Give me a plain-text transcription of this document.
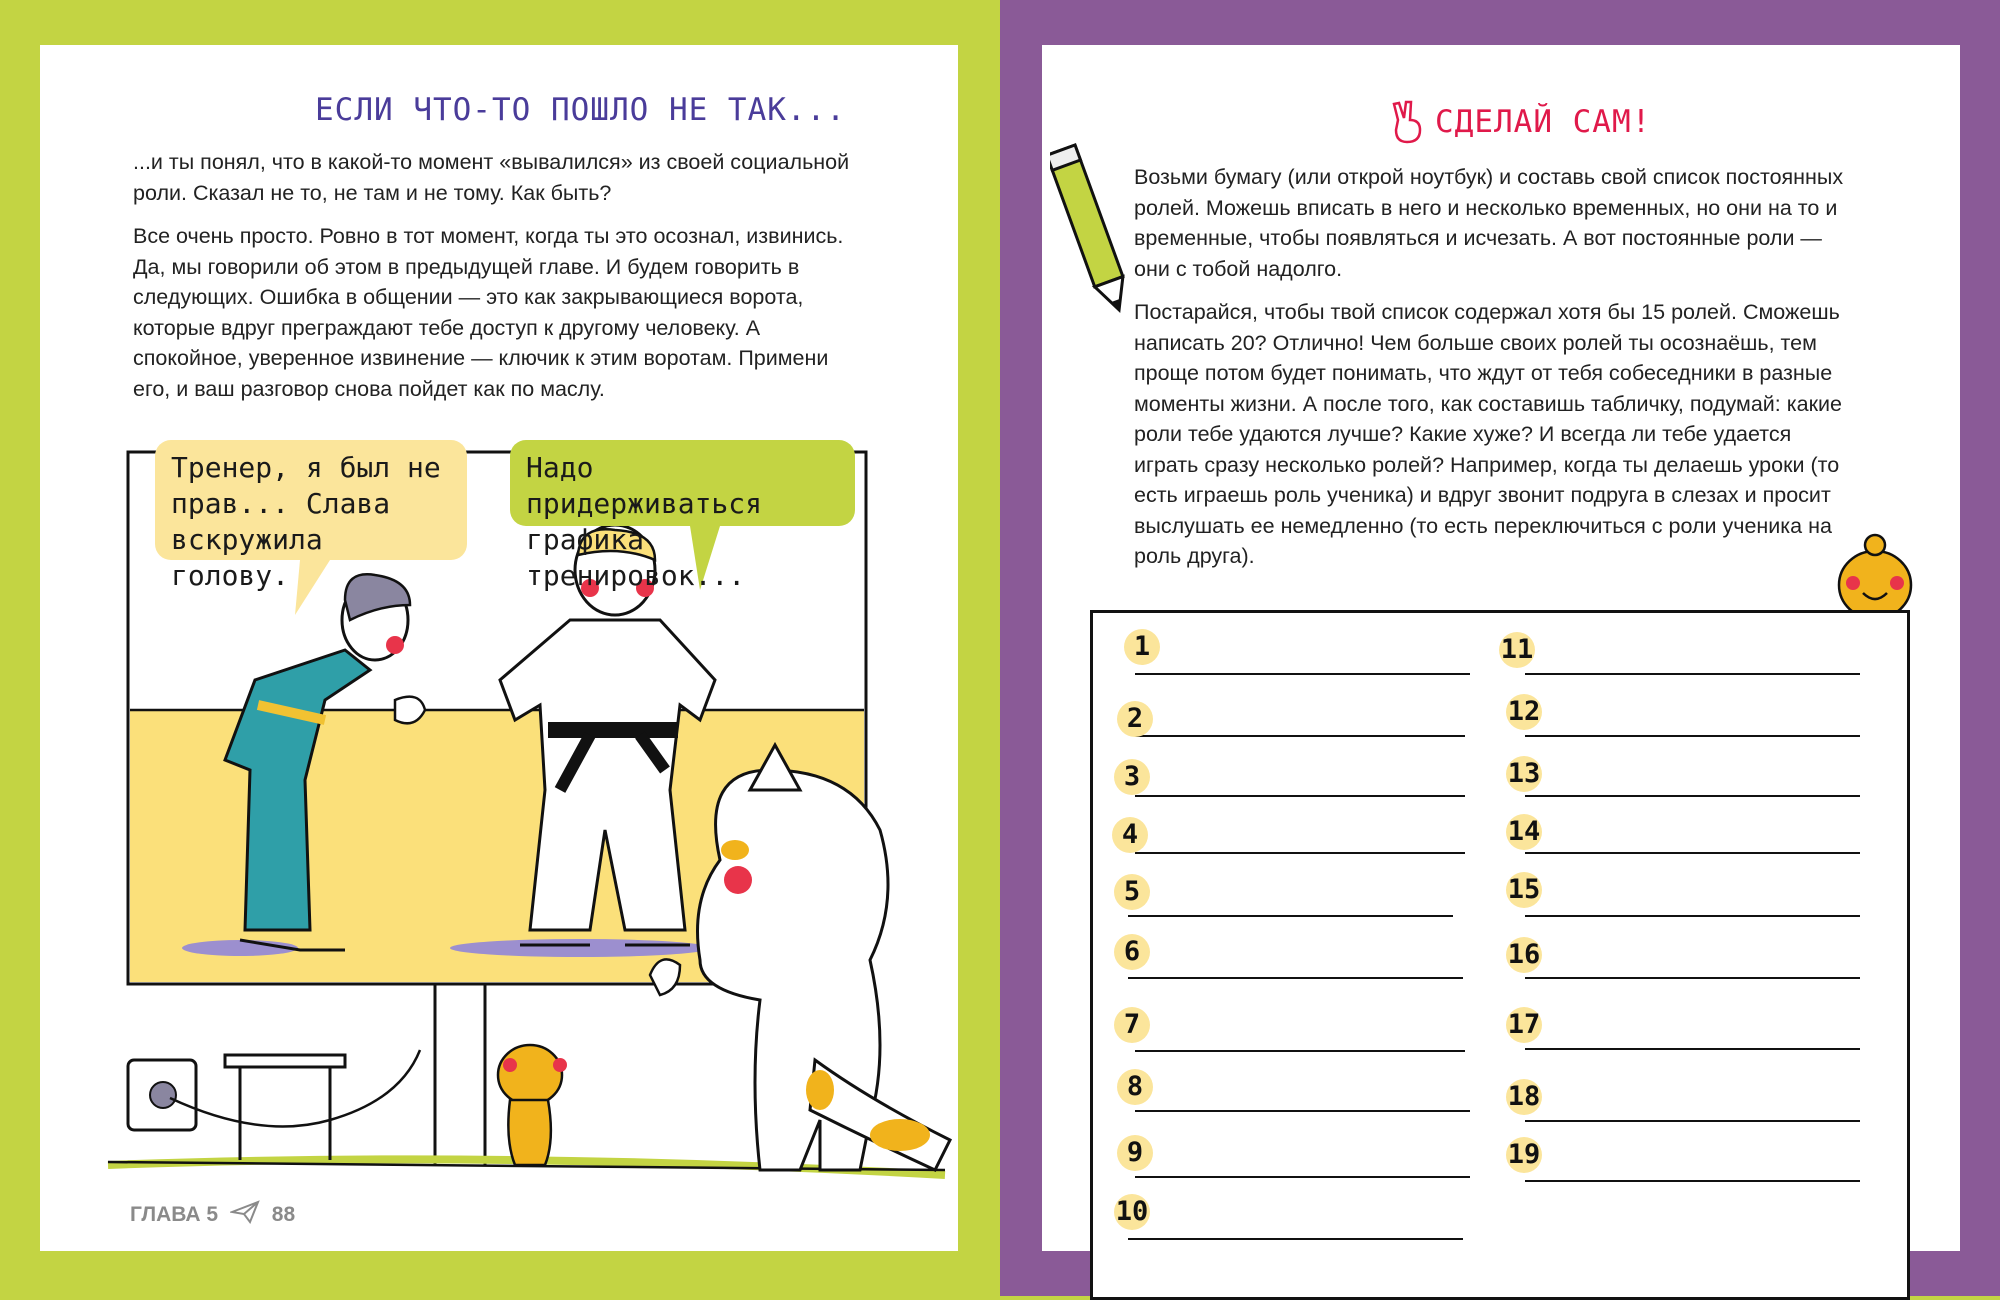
ЕСЛИ ЧТО-ТО ПОШЛО НЕ ТАК...

...и ты понял, что в какой-то момент «вывалился» из своей социальной роли. Сказал не то, не там и не тому. Как быть?

Все очень просто. Ровно в тот момент, когда ты это осознал, извинись. Да, мы говорили об этом в предыдущей главе. И будем говорить в следующих. Ошибка в общении — это как закрывающиеся ворота, которые вдруг преграждают тебе доступ к другому человеку. А спокойное, уверенное извинение — ключик к этим воротам. Примени его, и ваш разговор снова пойдет как по маслу.

Тренер, я был не прав... Слава вскружила голову.
Надо придерживаться графика тренировок...
ГЛАВА 5	88
СДЕЛАЙ САМ!

Возьми бумагу (или открой ноутбук) и составь свой список постоянных ролей. Можешь вписать в него и несколько временных, но они на то и временные, чтобы появляться и исчезать. А вот постоянные роли — они с тобой надолго.

Постарайся, чтобы твой список содержал хотя бы 15 ролей. Сможешь написать 20? Отлично! Чем больше своих ролей ты осознаёшь, тем проще потом будет понимать, что ждут от тебя собеседники в разные моменты жизни. А после того, как составишь табличку, подумай: какие роли тебе удаются лучше? Какие хуже? И всегда ли тебе удается играть сразу несколько ролей? Например, когда ты делаешь уроки (то есть играешь роль ученика) и вдруг звонит подруга в слезах и просит выслушать ее немедленно (то есть переключиться с роли ученика на роль друга).

1
2
3
4
5
6
7
8
9
10
11
12
13
14
15
16
17
18
19
